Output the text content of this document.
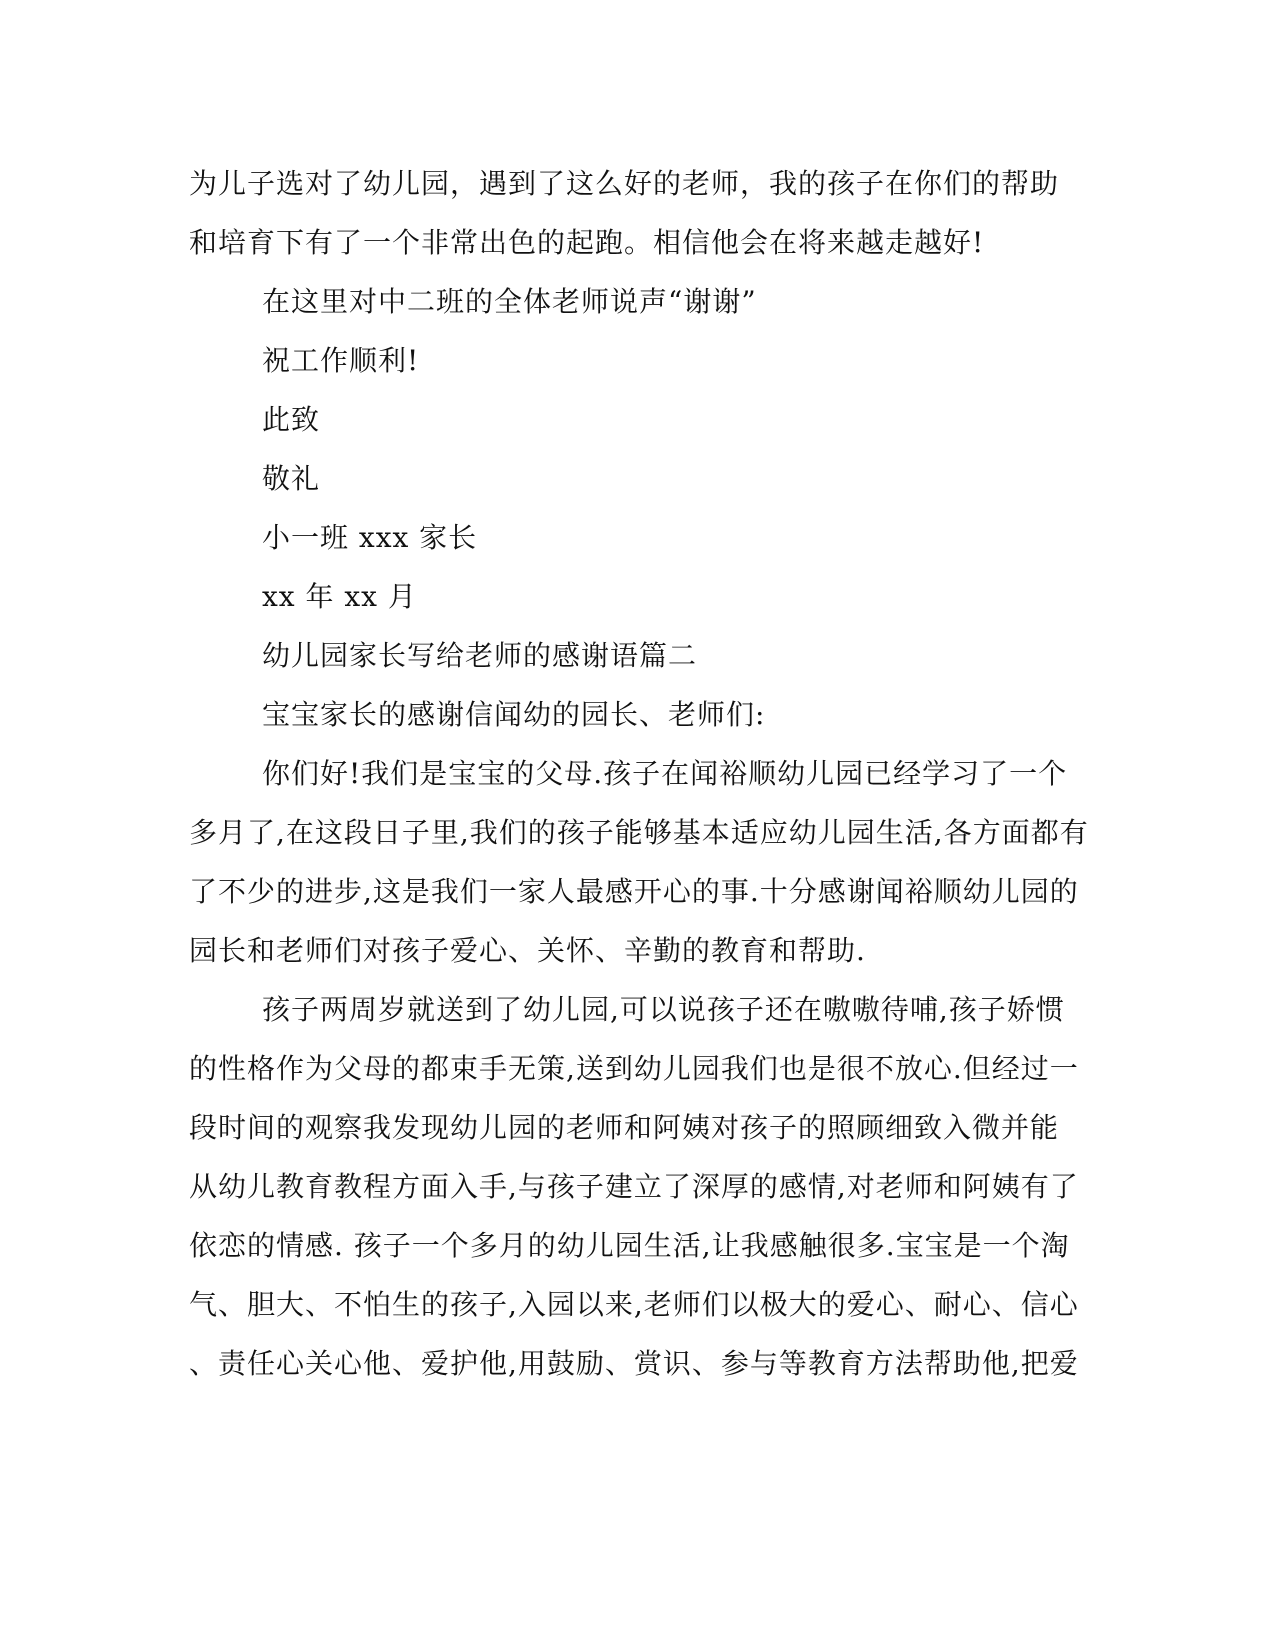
为儿子选对了幼儿园，遇到了这么好的老师，我的孩子在你们的帮助
和培育下有了一个非常出色的起跑。相信他会在将来越走越好!
在这里对中二班的全体老师说声“谢谢”
祝工作顺利!
此致
敬礼
小一班 xxx 家长
xx 年 xx 月
幼儿园家长写给老师的感谢语篇二
宝宝家长的感谢信闻幼的园长、老师们:
你们好!我们是宝宝的父母.孩子在闻裕顺幼儿园已经学习了一个
多月了,在这段日子里,我们的孩子能够基本适应幼儿园生活,各方面都有
了不少的进步,这是我们一家人最感开心的事.十分感谢闻裕顺幼儿园的
园长和老师们对孩子爱心、关怀、辛勤的教育和帮助.
孩子两周岁就送到了幼儿园,可以说孩子还在嗷嗷待哺,孩子娇惯
的性格作为父母的都束手无策,送到幼儿园我们也是很不放心.但经过一
段时间的观察我发现幼儿园的老师和阿姨对孩子的照顾细致入微并能
从幼儿教育教程方面入手,与孩子建立了深厚的感情,对老师和阿姨有了
依恋的情感. 孩子一个多月的幼儿园生活,让我感触很多.宝宝是一个淘
气、胆大、不怕生的孩子,入园以来,老师们以极大的爱心、耐心、信心
、责任心关心他、爱护他,用鼓励、赏识、参与等教育方法帮助他,把爱
